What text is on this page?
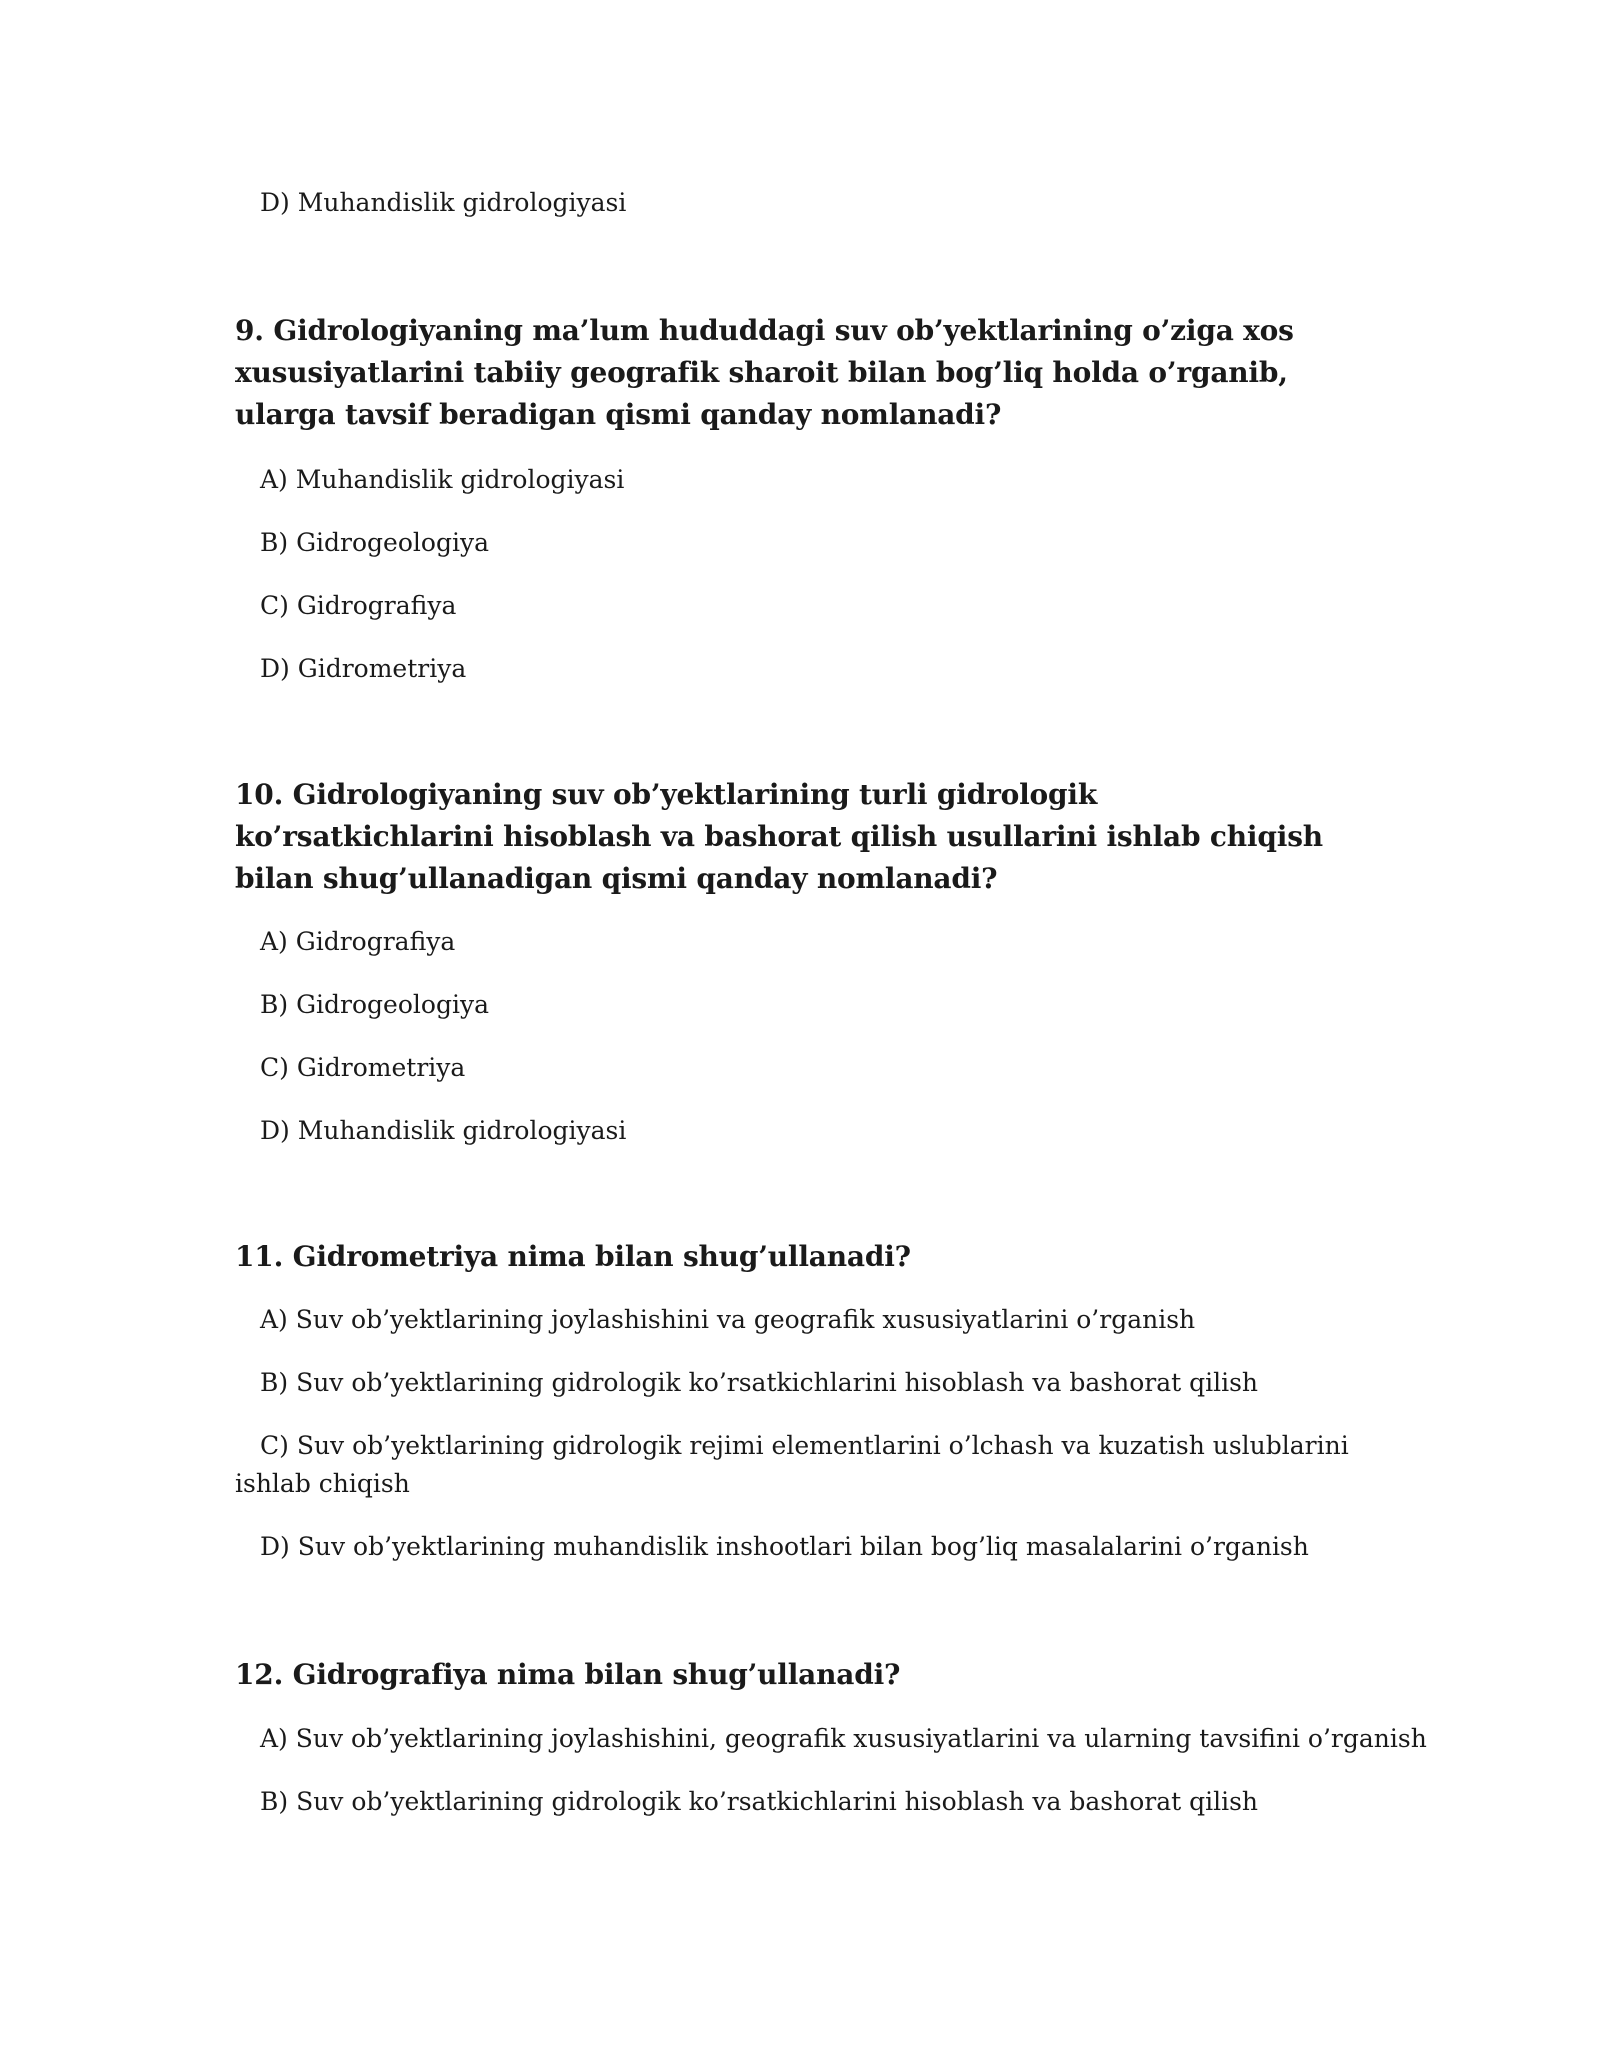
D) Muhandislik gidrologiyasi
9. Gidrologiyaning ma’lum hududdagi suv ob’yektlarining o’ziga xos xususiyatlarini tabiiy geografik sharoit bilan bog’liq holda o’rganib, ularga tavsif beradigan qismi qanday nomlanadi?
A) Muhandislik gidrologiyasi
B) Gidrogeologiya
C) Gidrografiya
D) Gidrometriya
10. Gidrologiyaning suv ob’yektlarining turli gidrologik ko’rsatkichlarini hisoblash va bashorat qilish usullarini ishlab chiqish bilan shug’ullanadigan qismi qanday nomlanadi?
A) Gidrografiya
B) Gidrogeologiya
C) Gidrometriya
D) Muhandislik gidrologiyasi
11. Gidrometriya nima bilan shug’ullanadi?
A) Suv ob’yektlarining joylashishini va geografik xususiyatlarini o’rganish
B) Suv ob’yektlarining gidrologik ko’rsatkichlarini hisoblash va bashorat qilish
C) Suv ob’yektlarining gidrologik rejimi elementlarini o’lchash va kuzatish uslublarini ishlab chiqish
D) Suv ob’yektlarining muhandislik inshootlari bilan bog’liq masalalarini o’rganish
12. Gidrografiya nima bilan shug’ullanadi?
A) Suv ob’yektlarining joylashishini, geografik xususiyatlarini va ularning tavsifini o’rganish
B) Suv ob’yektlarining gidrologik ko’rsatkichlarini hisoblash va bashorat qilish
